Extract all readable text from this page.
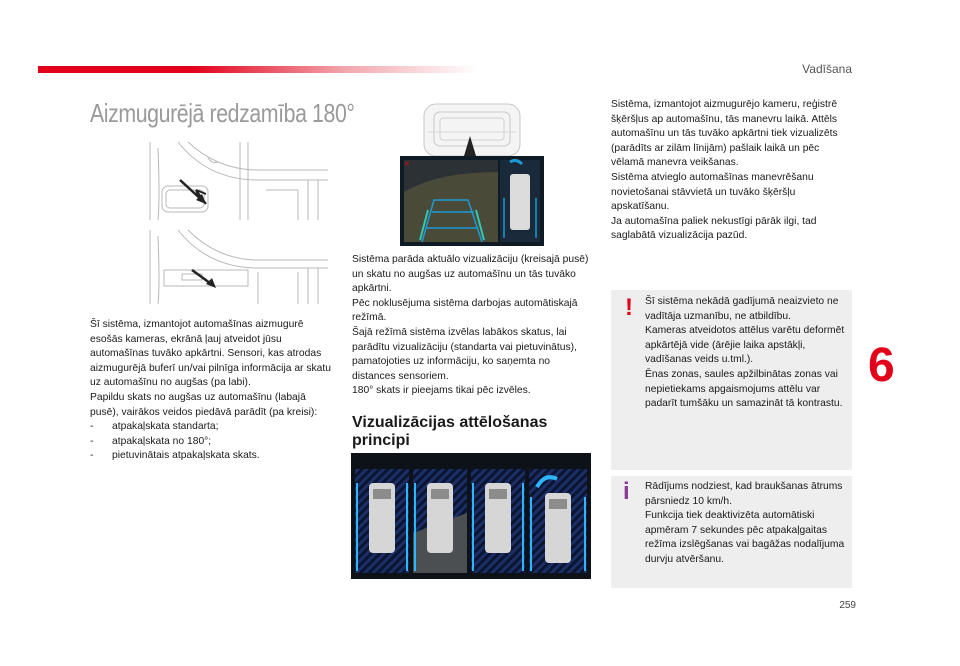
Vadīšana
Aizmugurējā redzamība 180°

Šī sistēma, izmantojot automašīnas aizmugurē esošās kameras, ekrānā ļauj atveidot jūsu automašīnas tuvāko apkārtni. Sensori, kas atrodas aizmugurējā buferī un/vai pilnīga informācija ar skatu uz automašīnu no augšas (pa labi).

Papildu skats no augšas uz automašīnu (labajā pusē), vairākos veidos piedāvā parādīt (pa kreisi):

- atpakaļskata standarta;
- atpakaļskata no 180°;
- pietuvinātais atpakaļskata skats.
✕

Sistēma parāda aktuālo vizualizāciju (kreisajā pusē) un skatu no augšas uz automašīnu un tās tuvāko apkārtni.

Pēc noklusējuma sistēma darbojas automātiskajā režīmā.

Šajā režīmā sistēma izvēlas labākos skatus, lai parādītu vizualizāciju (standarta vai pietuvinātus), pamatojoties uz informāciju, ko saņemta no distances sensoriem.

180° skats ir pieejams tikai pēc izvēles.

Vizualizācijas attēlošanas principi

Sistēma, izmantojot aizmugurējo kameru, reģistrē šķēršļus ap automašīnu, tās manevru laikā. Attēls automašīnu un tās tuvāko apkārtni tiek vizualizēts (parādīts ar zilām līnijām) pašlaik laikā un pēc vēlamā manevra veikšanas.

Sistēma atvieglo automašīnas manevrēšanu novietošanai stāvvietā un tuvāko šķēršļu apskatīšanu.

Ja automašīna paliek nekustīgi pārāk ilgi, tad saglabātā vizualizācija pazūd.

! Šī sistēma nekādā gadījumā neaizvieto ne vadītāja uzmanību, ne atbildību.

Kameras atveidotos attēlus varētu deformēt apkārtējā vide (ārējie laika apstākļi, vadīšanas veids u.tml.).

Ēnas zonas, saules apžilbinātas zonas vai nepietiekams apgaismojums attēlu var padarīt tumšāku un samazināt tā kontrastu.

i Rādījums nodziest, kad braukšanas ātrums pārsniedz 10 km/h.

Funkcija tiek deaktivizēta automātiski apmēram 7 sekundes pēc atpakaļgaitas režīma izslēgšanas vai bagāžas nodalījuma durvju atvēršanu.

6
259
